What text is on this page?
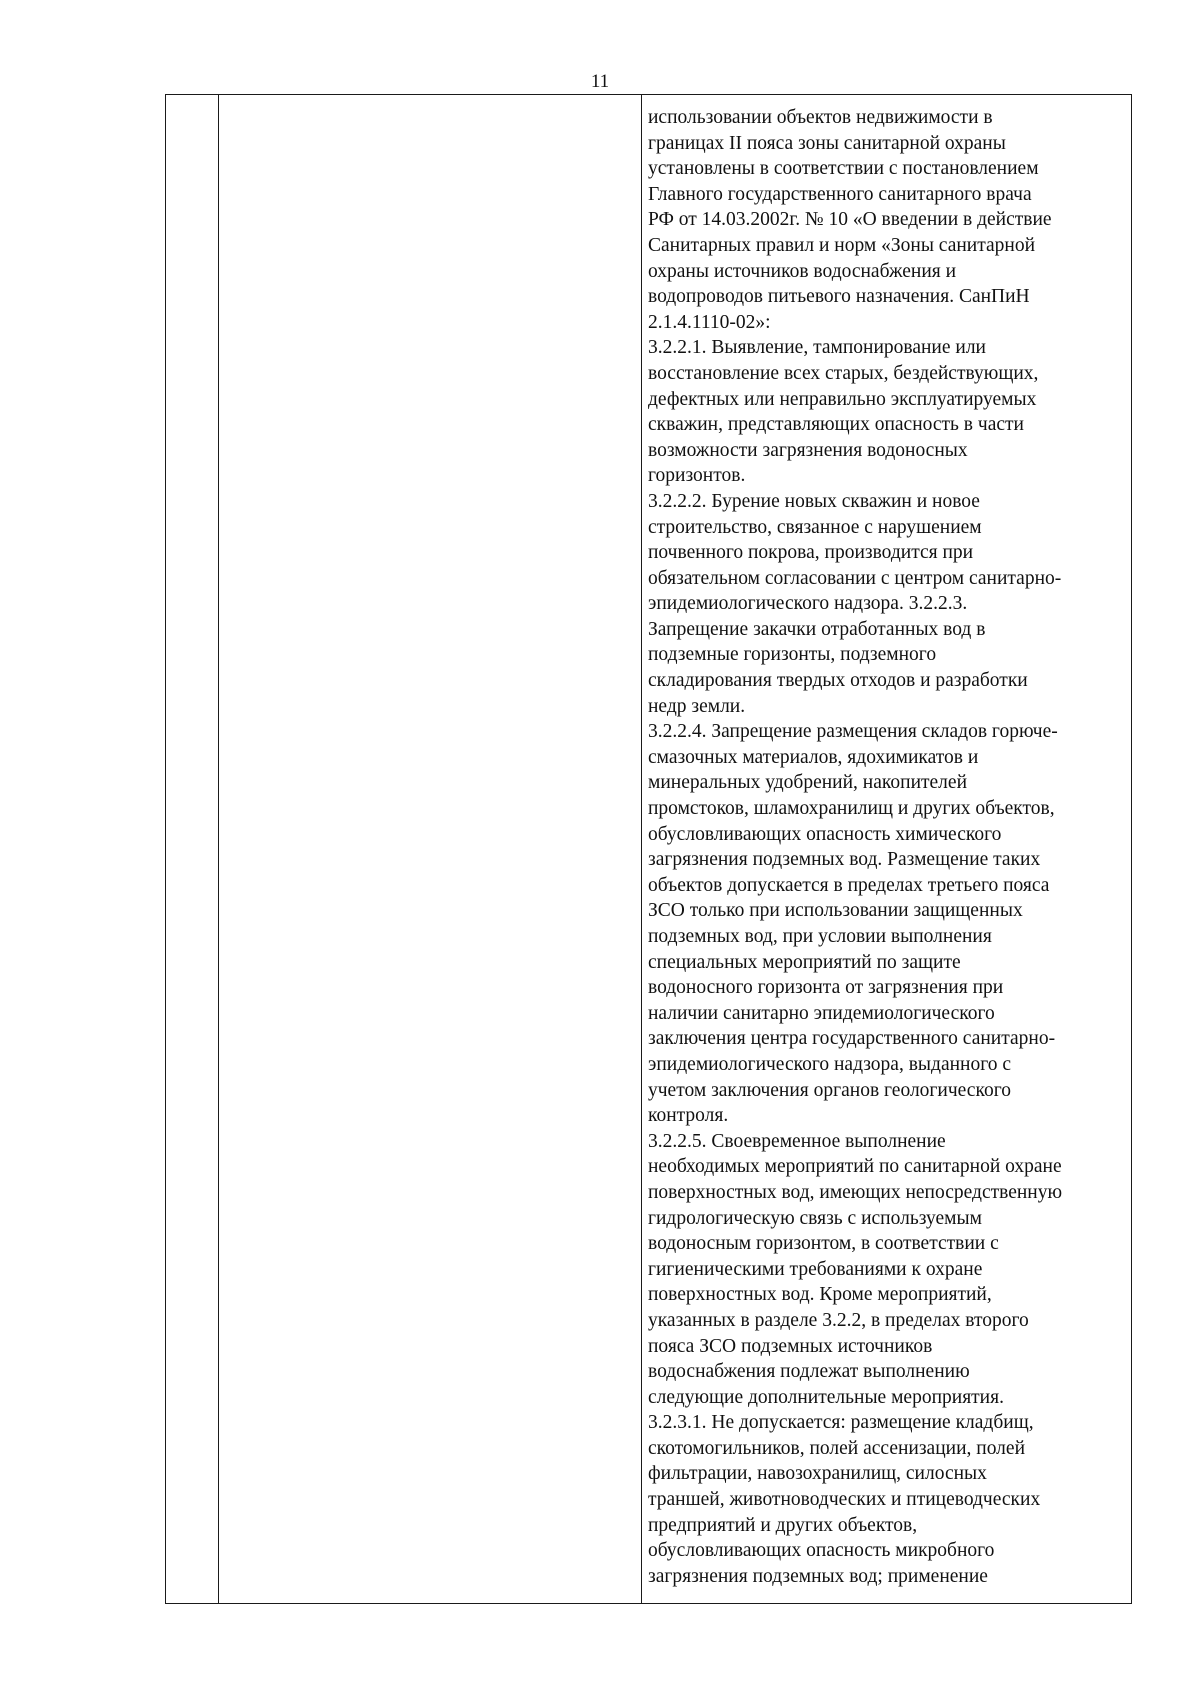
11
использовании объектов недвижимости в
границах II пояса зоны санитарной охраны
установлены в соответствии с постановлением
Главного государственного санитарного врача
РФ от 14.03.2002г. № 10 «О введении в действие
Санитарных правил и норм «Зоны санитарной
охраны источников водоснабжения и
водопроводов питьевого назначения. СанПиН
2.1.4.1110-02»:
3.2.2.1. Выявление, тампонирование или
восстановление всех старых, бездействующих,
дефектных или неправильно эксплуатируемых
скважин, представляющих опасность в части
возможности загрязнения водоносных
горизонтов.
3.2.2.2. Бурение новых скважин и новое
строительство, связанное с нарушением
почвенного покрова, производится при
обязательном согласовании с центром санитарно-
эпидемиологического надзора. 3.2.2.3.
Запрещение закачки отработанных вод в
подземные горизонты, подземного
складирования твердых отходов и разработки
недр земли.
3.2.2.4. Запрещение размещения складов горюче-
смазочных материалов, ядохимикатов и
минеральных удобрений, накопителей
промстоков, шламохранилищ и других объектов,
обусловливающих опасность химического
загрязнения подземных вод. Размещение таких
объектов допускается в пределах третьего пояса
ЗСО только при использовании защищенных
подземных вод, при условии выполнения
специальных мероприятий по защите
водоносного горизонта от загрязнения при
наличии санитарно эпидемиологического
заключения центра государственного санитарно-
эпидемиологического надзора, выданного с
учетом заключения органов геологического
контроля.
3.2.2.5. Своевременное выполнение
необходимых мероприятий по санитарной охране
поверхностных вод, имеющих непосредственную
гидрологическую связь с используемым
водоносным горизонтом, в соответствии с
гигиеническими требованиями к охране
поверхностных вод. Кроме мероприятий,
указанных в разделе 3.2.2, в пределах второго
пояса ЗСО подземных источников
водоснабжения подлежат выполнению
следующие дополнительные мероприятия.
3.2.3.1. Не допускается: размещение кладбищ,
скотомогильников, полей ассенизации, полей
фильтрации, навозохранилищ, силосных
траншей, животноводческих и птицеводческих
предприятий и других объектов,
обусловливающих опасность микробного
загрязнения подземных вод; применение
